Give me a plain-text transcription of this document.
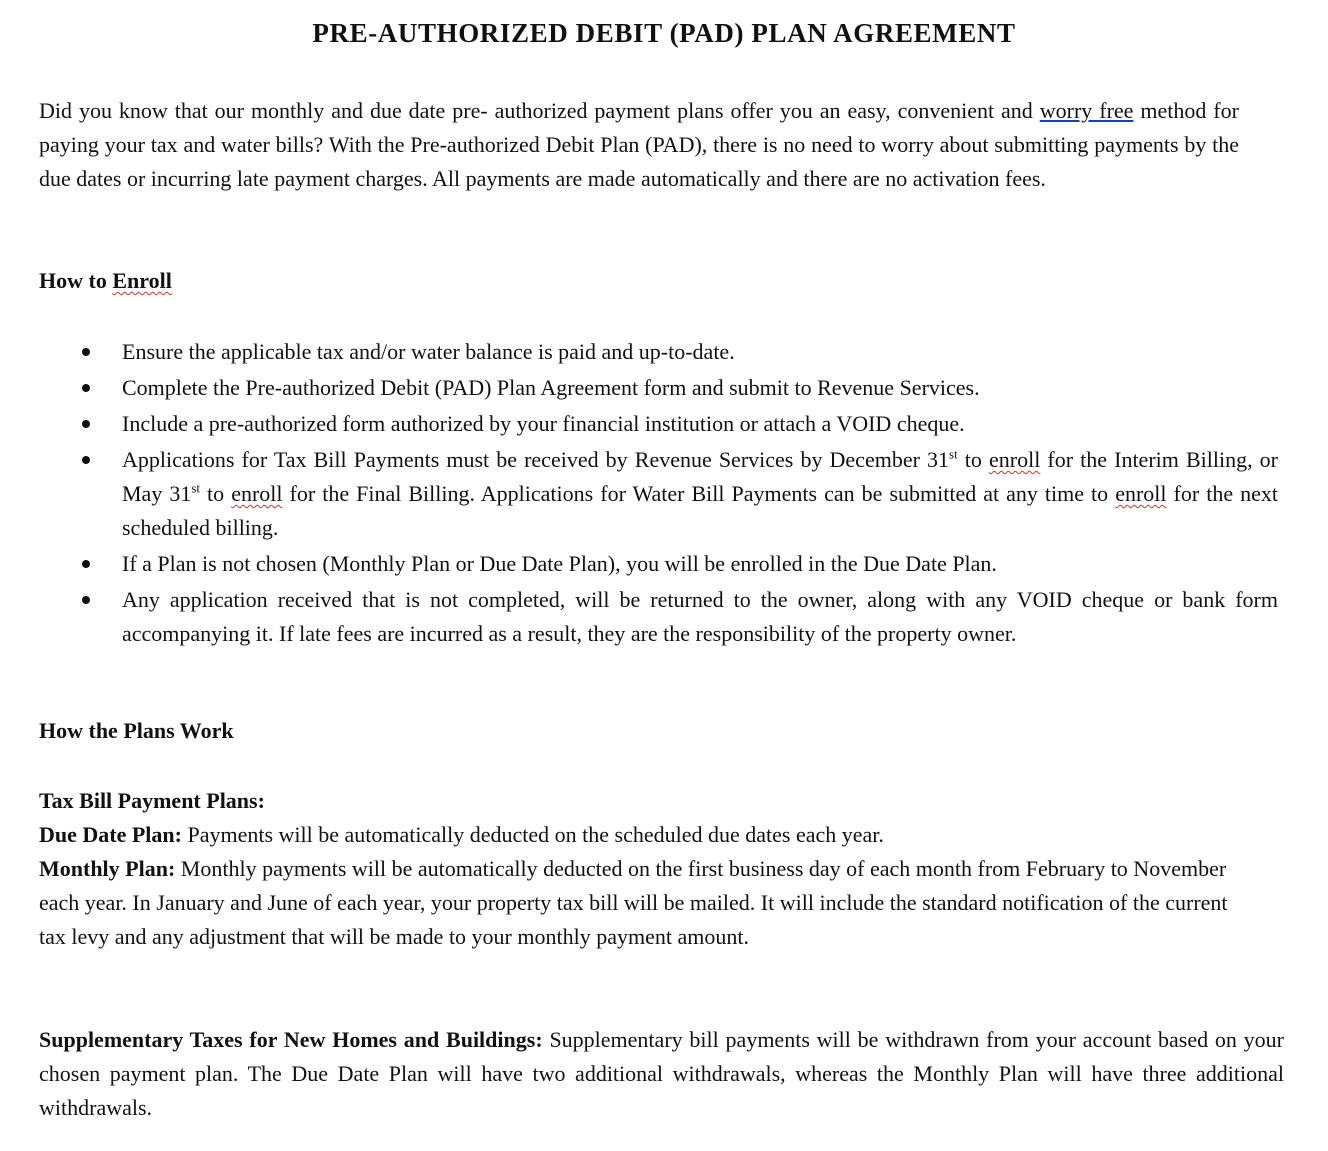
PRE-AUTHORIZED DEBIT (PAD) PLAN AGREEMENT

Did you know that our monthly and due date pre- authorized payment plans offer you an easy, convenient and worry free method for paying your tax and water bills? With the Pre-authorized Debit Plan (PAD), there is no need to worry about submitting payments by the due dates or incurring late payment charges. All payments are made automatically and there are no activation fees.

How to Enroll
Ensure the applicable tax and/or water balance is paid and up-to-date.
Complete the Pre-authorized Debit (PAD) Plan Agreement form and submit to Revenue Services.
Include a pre-authorized form authorized by your financial institution or attach a VOID cheque.
Applications for Tax Bill Payments must be received by Revenue Services by December 31st to enroll for the Interim Billing, or May 31st to enroll for the Final Billing. Applications for Water Bill Payments can be submitted at any time to enroll for the next scheduled billing.
If a Plan is not chosen (Monthly Plan or Due Date Plan), you will be enrolled in the Due Date Plan.
Any application received that is not completed, will be returned to the owner, along with any VOID cheque or bank form accompanying it. If late fees are incurred as a result, they are the responsibility of the property owner.
How the Plans Work

Tax Bill Payment Plans:

Due Date Plan: Payments will be automatically deducted on the scheduled due dates each year.

Monthly Plan: Monthly payments will be automatically deducted on the first business day of each month from February to November each year. In January and June of each year, your property tax bill will be mailed. It will include the standard notification of the current tax levy and any adjustment that will be made to your monthly payment amount.

Supplementary Taxes for New Homes and Buildings: Supplementary bill payments will be withdrawn from your account based on your chosen payment plan. The Due Date Plan will have two additional withdrawals, whereas the Monthly Plan will have three additional withdrawals.
